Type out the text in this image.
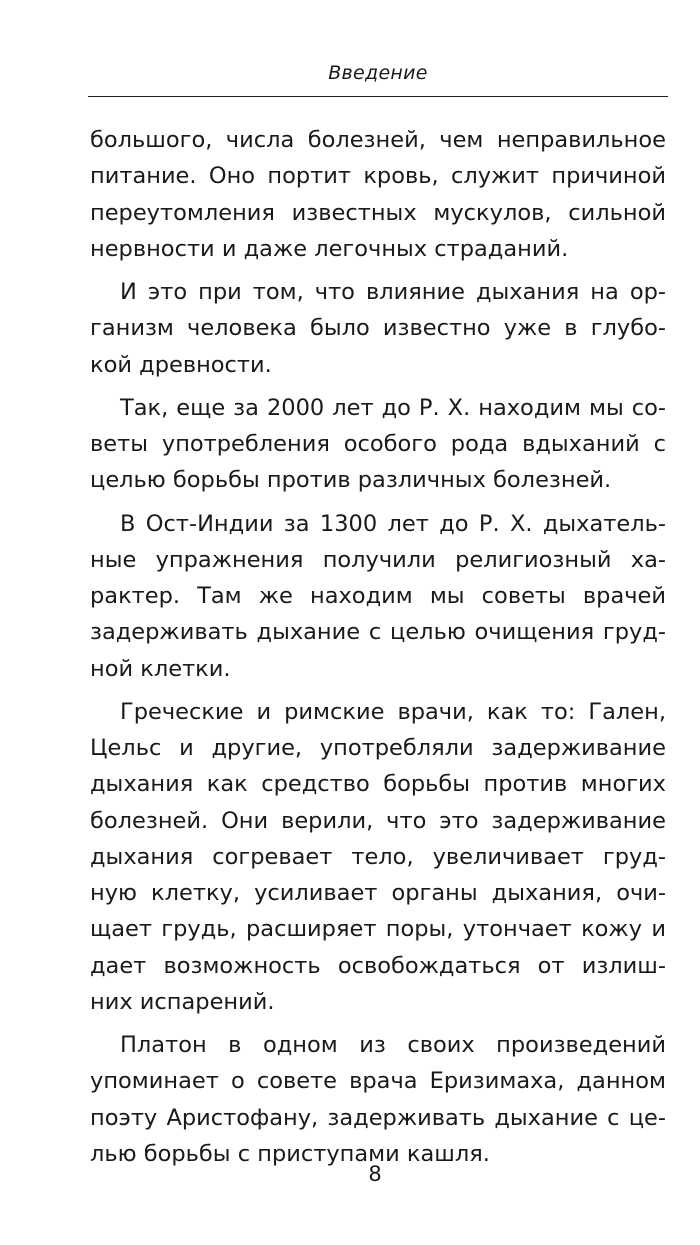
Введение
большого, числа болезней, чем неправильное
питание. Оно портит кровь, служит причиной
переутомления известных мускулов, сильной
нервности и даже легочных страданий.
И это при том, что влияние дыхания на ор-
ганизм человека было известно уже в глубо-
кой древности.
Так, еще за 2000 лет до Р. Х. находим мы со-
веты употребления особого рода вдыханий с
целью борьбы против различных болезней.
В Ост-Индии за 1300 лет до Р. Х. дыхатель-
ные упражнения получили религиозный ха-
рактер. Там же находим мы советы врачей
задерживать дыхание с целью очищения груд-
ной клетки.
Греческие и римские врачи, как то: Гален,
Цельс и другие, употребляли задерживание
дыхания как средство борьбы против многих
болезней. Они верили, что это задерживание
дыхания согревает тело, увеличивает груд-
ную клетку, усиливает органы дыхания, очи-
щает грудь, расширяет поры, утончает кожу и
дает возможность освобождаться от излиш-
них испарений.
Платон в одном из своих произведений
упоминает о совете врача Еризимаха, данном
поэту Аристофану, задерживать дыхание с це-
лью борьбы с приступами кашля.
8
